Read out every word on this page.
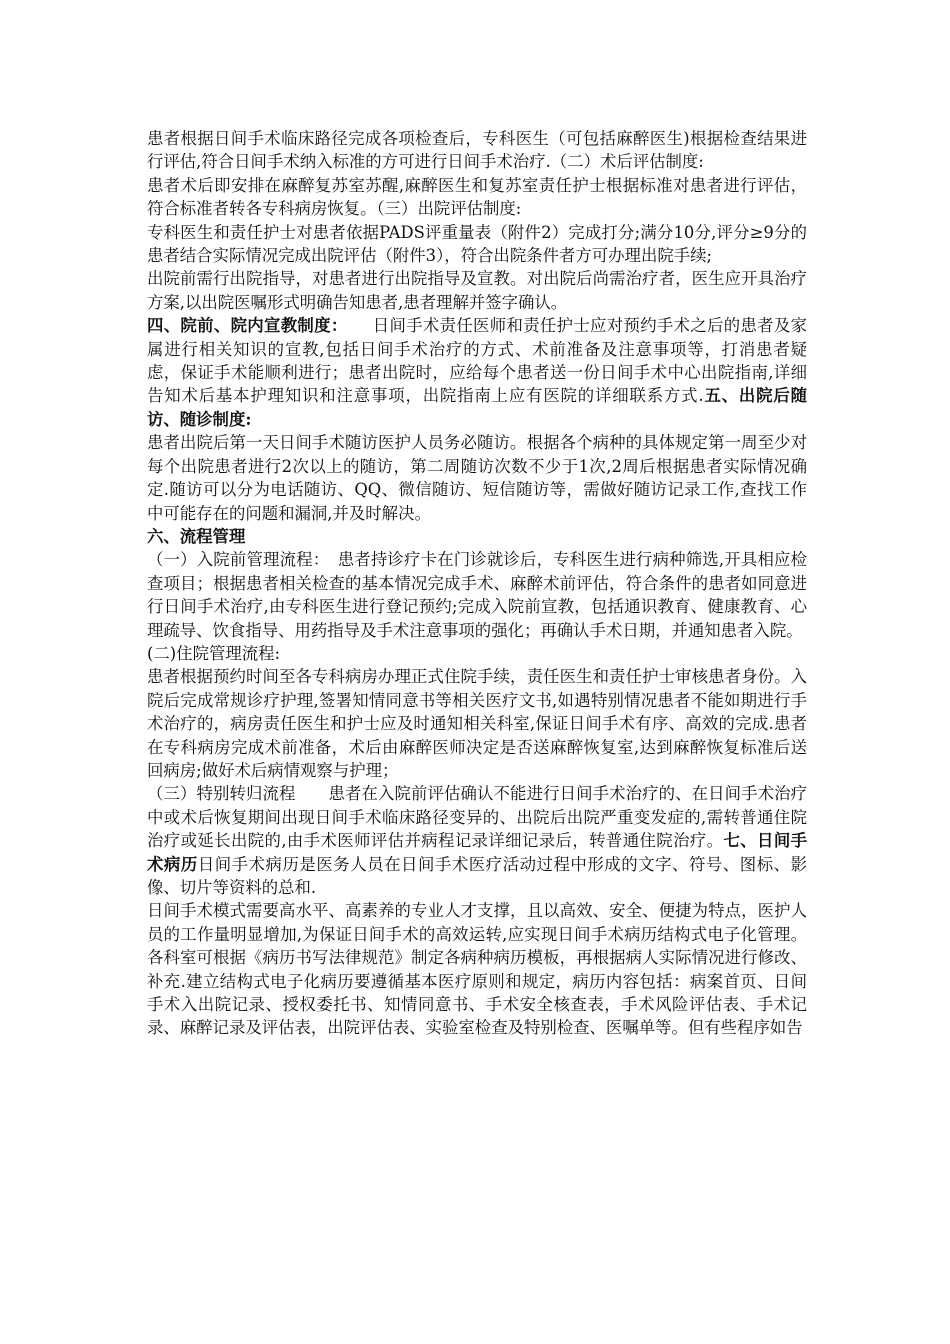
患者根据日间手术临床路径完成各项检查后，专科医生（可包括麻醉医生)根据检查结果进行评估,符合日间手术纳入标准的方可进行日间手术治疗.（二）术后评估制度:

患者术后即安排在麻醉复苏室苏醒,麻醉医生和复苏室责任护士根据标准对患者进行评估，符合标准者转各专科病房恢复。（三）出院评估制度:

专科医生和责任护士对患者依据PADS评重量表（附件2）完成打分;满分10分,评分≥9分的患者结合实际情况完成出院评估（附件3），符合出院条件者方可办理出院手续;

出院前需行出院指导，对患者进行出院指导及宣教。对出院后尚需治疗者，医生应开具治疗方案,以出院医嘱形式明确告知患者,患者理解并签字确认。

四、院前、院内宣教制度：　　日间手术责任医师和责任护士应对预约手术之后的患者及家属进行相关知识的宣教,包括日间手术治疗的方式、术前准备及注意事项等，打消患者疑虑，保证手术能顺利进行；患者出院时，应给每个患者送一份日间手术中心出院指南,详细告知术后基本护理知识和注意事项，出院指南上应有医院的详细联系方式.五、出院后随访、随诊制度:

患者出院后第一天日间手术随访医护人员务必随访。根据各个病种的具体规定第一周至少对每个出院患者进行2次以上的随访，第二周随访次数不少于1次,2周后根据患者实际情况确定.随访可以分为电话随访、QQ、微信随访、短信随访等，需做好随访记录工作,查找工作中可能存在的问题和漏洞,并及时解决。

六、流程管理

（一）入院前管理流程：　患者持诊疗卡在门诊就诊后，专科医生进行病种筛选,开具相应检查项目；根据患者相关检查的基本情况完成手术、麻醉术前评估，符合条件的患者如同意进行日间手术治疗,由专科医生进行登记预约;完成入院前宣教，包括通识教育、健康教育、心理疏导、饮食指导、用药指导及手术注意事项的强化；再确认手术日期，并通知患者入院。

(二)住院管理流程:

患者根据预约时间至各专科病房办理正式住院手续，责任医生和责任护士审核患者身份。入院后完成常规诊疗护理,签署知情同意书等相关医疗文书,如遇特别情况患者不能如期进行手术治疗的，病房责任医生和护士应及时通知相关科室,保证日间手术有序、高效的完成.患者在专科病房完成术前准备，术后由麻醉医师决定是否送麻醉恢复室,达到麻醉恢复标准后送回病房;做好术后病情观察与护理；

（三）特别转归流程　　患者在入院前评估确认不能进行日间手术治疗的、在日间手术治疗中或术后恢复期间出现日间手术临床路径变异的、出院后出院严重变发症的,需转普通住院治疗或延长出院的,由手术医师评估并病程记录详细记录后，转普通住院治疗。七、日间手术病历日间手术病历是医务人员在日间手术医疗活动过程中形成的文字、符号、图标、影像、切片等资料的总和.

日间手术模式需要高水平、高素养的专业人才支撑，且以高效、安全、便捷为特点，医护人员的工作量明显增加,为保证日间手术的高效运转,应实现日间手术病历结构式电子化管理。各科室可根据《病历书写法律规范》制定各病种病历模板，再根据病人实际情况进行修改、补充.建立结构式电子化病历要遵循基本医疗原则和规定，病历内容包括：病案首页、日间手术入出院记录、授权委托书、知情同意书、手术安全核查表，手术风险评估表、手术记录、麻醉记录及评估表，出院评估表、实验室检查及特别检查、医嘱单等。但有些程序如告
